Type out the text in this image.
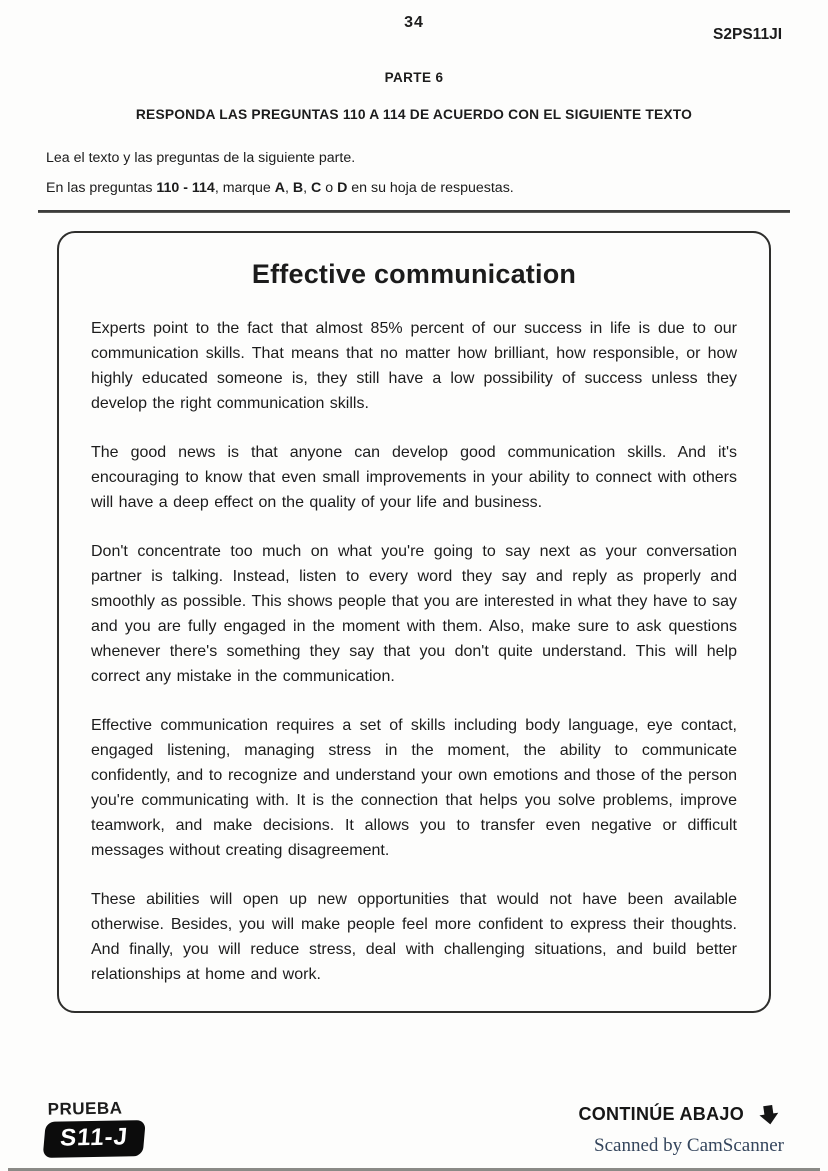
34
S2PS11JI
PARTE 6
RESPONDA LAS PREGUNTAS 110 A 114 DE ACUERDO CON EL SIGUIENTE TEXTO

Lea el texto y las preguntas de la siguiente parte.

En las preguntas 110 - 114, marque A, B, C o D en su hoja de respuestas.

Effective communication

Experts point to the fact that almost 85% percent of our success in life is due to our communication skills. That means that no matter how brilliant, how responsible, or how highly educated someone is, they still have a low possibility of success unless they develop the right communication skills.

The good news is that anyone can develop good communication skills. And it's encouraging to know that even small improvements in your ability to connect with others will have a deep effect on the quality of your life and business.

Don't concentrate too much on what you're going to say next as your conversation partner is talking. Instead, listen to every word they say and reply as properly and smoothly as possible. This shows people that you are interested in what they have to say and you are fully engaged in the moment with them. Also, make sure to ask questions whenever there's something they say that you don't quite understand. This will help correct any mistake in the communication.

Effective communication requires a set of skills including body language, eye contact, engaged listening, managing stress in the moment, the ability to communicate confidently, and to recognize and understand your own emotions and those of the person you're communicating with. It is the connection that helps you solve problems, improve teamwork, and make decisions. It allows you to transfer even negative or difficult messages without creating disagreement.

These abilities will open up new opportunities that would not have been available otherwise. Besides, you will make people feel more confident to express their thoughts. And finally, you will reduce stress, deal with challenging situations, and build better relationships at home and work.

PRUEBA
S11-J
CONTINÚE ABAJO
Scanned by CamScanner
